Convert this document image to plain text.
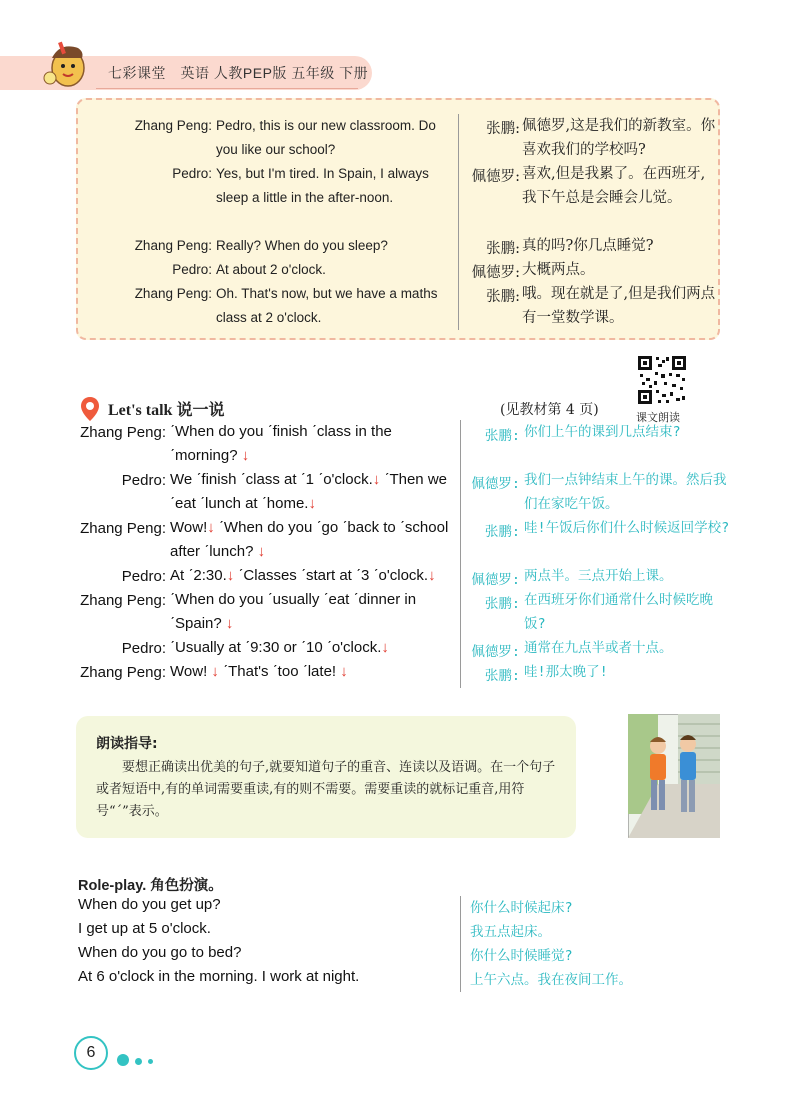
七彩课堂　英语 人教PEP版 五年级 下册
Zhang Peng: Pedro, this is our new classroom. Do you like our school?
Pedro: Yes, but I'm tired. In Spain, I always sleep a little in the after-noon.
Zhang Peng: Really? When do you sleep?
Pedro: At about 2 o'clock.
Zhang Peng: Oh. That's now, but we have a maths class at 2 o'clock.
张鹏: 佩德罗,这是我们的新教室。你喜欢我们的学校吗?
佩德罗: 喜欢,但是我累了。在西班牙,我下午总是会睡会儿觉。
张鹏: 真的吗?你几点睡觉?
佩德罗: 大概两点。
张鹏: 哦。现在就是了,但是我们两点有一堂数学课。
课文朗读
Let's talk 说一说	(见教材第 4 页)
Zhang Peng: ˊWhen do you ˊfinish ˊclass in the ˊmorning? ↓
Pedro: We ˊfinish ˊclass at ˊ1 ˊo'clock.↓ ˊThen we ˊeat ˊlunch at ˊhome.↓
Zhang Peng: Wow!↓ ˊWhen do you ˊgo ˊback to ˊschool after ˊlunch? ↓
Pedro: At ˊ2:30.↓ ˊClasses ˊstart at ˊ3 ˊo'clock.↓
Zhang Peng: ˊWhen do you ˊusually ˊeat ˊdinner in ˊSpain? ↓
Pedro: ˊUsually at ˊ9:30 or ˊ10 ˊo'clock.↓
Zhang Peng: Wow! ↓ ˊThat's ˊtoo ˊlate! ↓
张鹏: 你们上午的课到几点结束?
佩德罗: 我们一点钟结束上午的课。然后我们在家吃午饭。
张鹏: 哇!午饭后你们什么时候返回学校?
佩德罗: 两点半。三点开始上课。
张鹏: 在西班牙你们通常什么时候吃晚饭?
佩德罗: 通常在九点半或者十点。
张鹏: 哇!那太晚了!
朗读指导:
要想正确读出优美的句子,就要知道句子的重音、连读以及语调。在一个句子或者短语中,有的单词需要重读,有的则不需要。需要重读的就标记重音,用符号“ˊ”表示。
Role-play. 角色扮演。
When do you get up?
I get up at 5 o'clock.
When do you go to bed?
At 6 o'clock in the morning. I work at night.
你什么时候起床?
我五点起床。
你什么时候睡觉?
上午六点。我在夜间工作。
6
